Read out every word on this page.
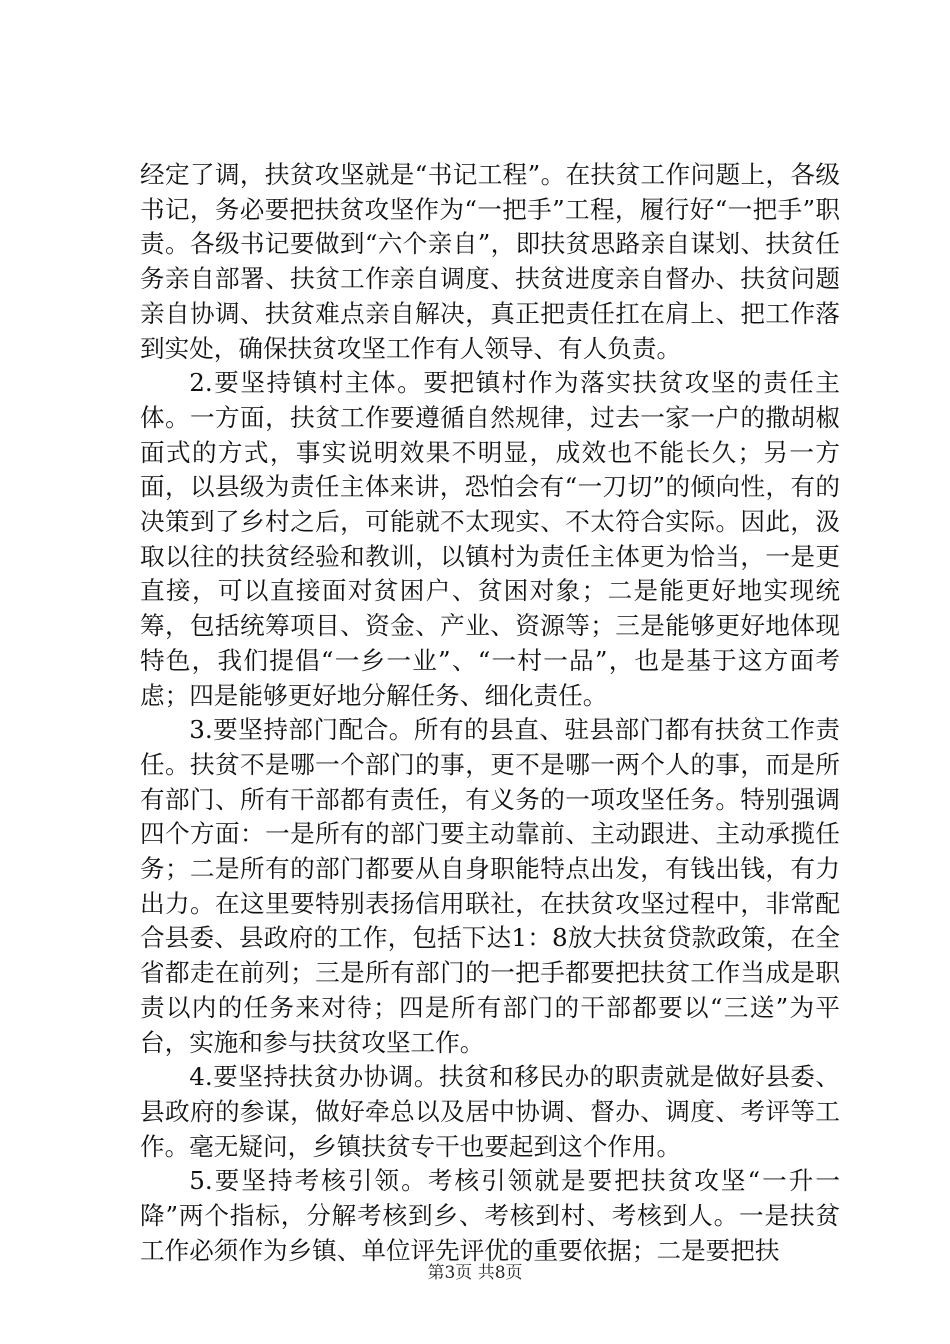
经定了调，扶贫攻坚就是“书记工程”。在扶贫工作问题上，各级书记，务必要把扶贫攻坚作为“一把手”工程，履行好“一把手”职责。各级书记要做到“六个亲自”，即扶贫思路亲自谋划、扶贫任务亲自部署、扶贫工作亲自调度、扶贫进度亲自督办、扶贫问题亲自协调、扶贫难点亲自解决，真正把责任扛在肩上、把工作落到实处，确保扶贫攻坚工作有人领导、有人负责。

2.要坚持镇村主体。要把镇村作为落实扶贫攻坚的责任主体。一方面，扶贫工作要遵循自然规律，过去一家一户的撒胡椒面式的方式，事实说明效果不明显，成效也不能长久；另一方面，以县级为责任主体来讲，恐怕会有“一刀切”的倾向性，有的决策到了乡村之后，可能就不太现实、不太符合实际。因此，汲取以往的扶贫经验和教训，以镇村为责任主体更为恰当，一是更直接，可以直接面对贫困户、贫困对象；二是能更好地实现统筹，包括统筹项目、资金、产业、资源等；三是能够更好地体现特色，我们提倡“一乡一业”、“一村一品”，也是基于这方面考虑；四是能够更好地分解任务、细化责任。

3.要坚持部门配合。所有的县直、驻县部门都有扶贫工作责任。扶贫不是哪一个部门的事，更不是哪一两个人的事，而是所有部门、所有干部都有责任，有义务的一项攻坚任务。特别强调四个方面：一是所有的部门要主动靠前、主动跟进、主动承揽任务；二是所有的部门都要从自身职能特点出发，有钱出钱，有力出力。在这里要特别表扬信用联社，在扶贫攻坚过程中，非常配合县委、县政府的工作，包括下达1：8放大扶贫贷款政策，在全省都走在前列；三是所有部门的一把手都要把扶贫工作当成是职责以内的任务来对待；四是所有部门的干部都要以“三送”为平台，实施和参与扶贫攻坚工作。

4.要坚持扶贫办协调。扶贫和移民办的职责就是做好县委、县政府的参谋，做好牵总以及居中协调、督办、调度、考评等工作。毫无疑问，乡镇扶贫专干也要起到这个作用。

5.要坚持考核引领。考核引领就是要把扶贫攻坚“一升一降”两个指标，分解考核到乡、考核到村、考核到人。一是扶贫工作必须作为乡镇、单位评先评优的重要依据；二是要把扶

第3页 共8页
